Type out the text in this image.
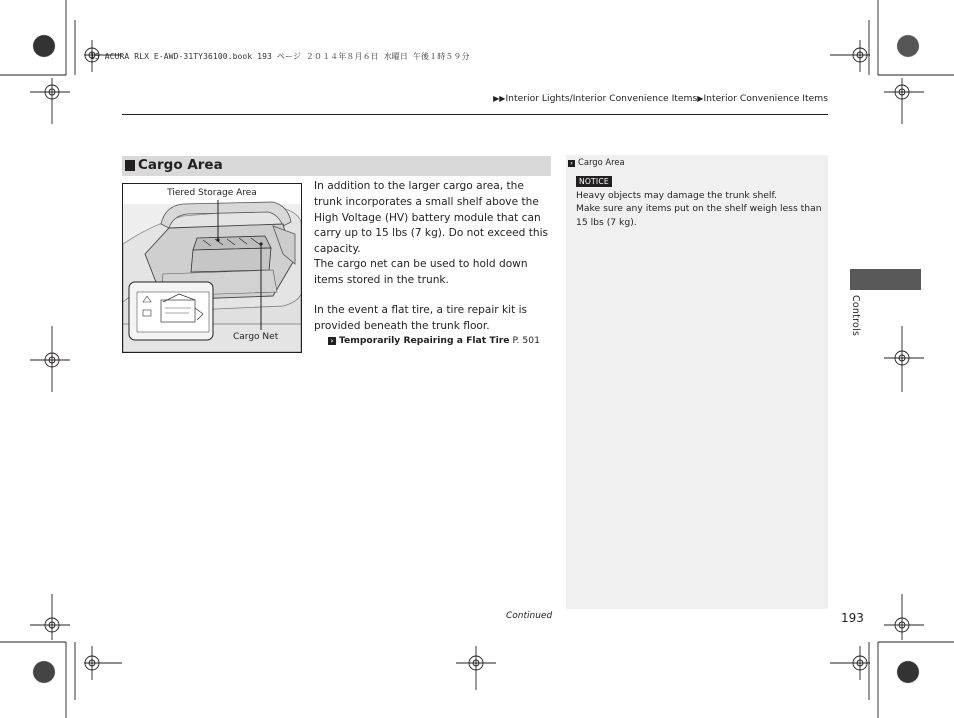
15 ACURA RLX E-AWD-31TY36100.book 193 ページ ２０１４年８月６日 水曜日 午後１時５９分
▶▶Interior Lights/Interior Convenience Items▶Interior Convenience Items
Cargo Area
Tiered Storage Area
Cargo Net
In addition to the larger cargo area, the trunk incorporates a small shelf above the High Voltage (HV) battery module that can carry up to 15 lbs (7 kg). Do not exceed this capacity.
The cargo net can be used to hold down items stored in the trunk.
In the event a flat tire, a tire repair kit is provided beneath the trunk floor.
› Temporarily Repairing a Flat Tire P. 501
› Cargo Area
NOTICE
Heavy objects may damage the trunk shelf.
Make sure any items put on the shelf weigh less than 15 lbs (7 kg).
Controls
Continued	193
